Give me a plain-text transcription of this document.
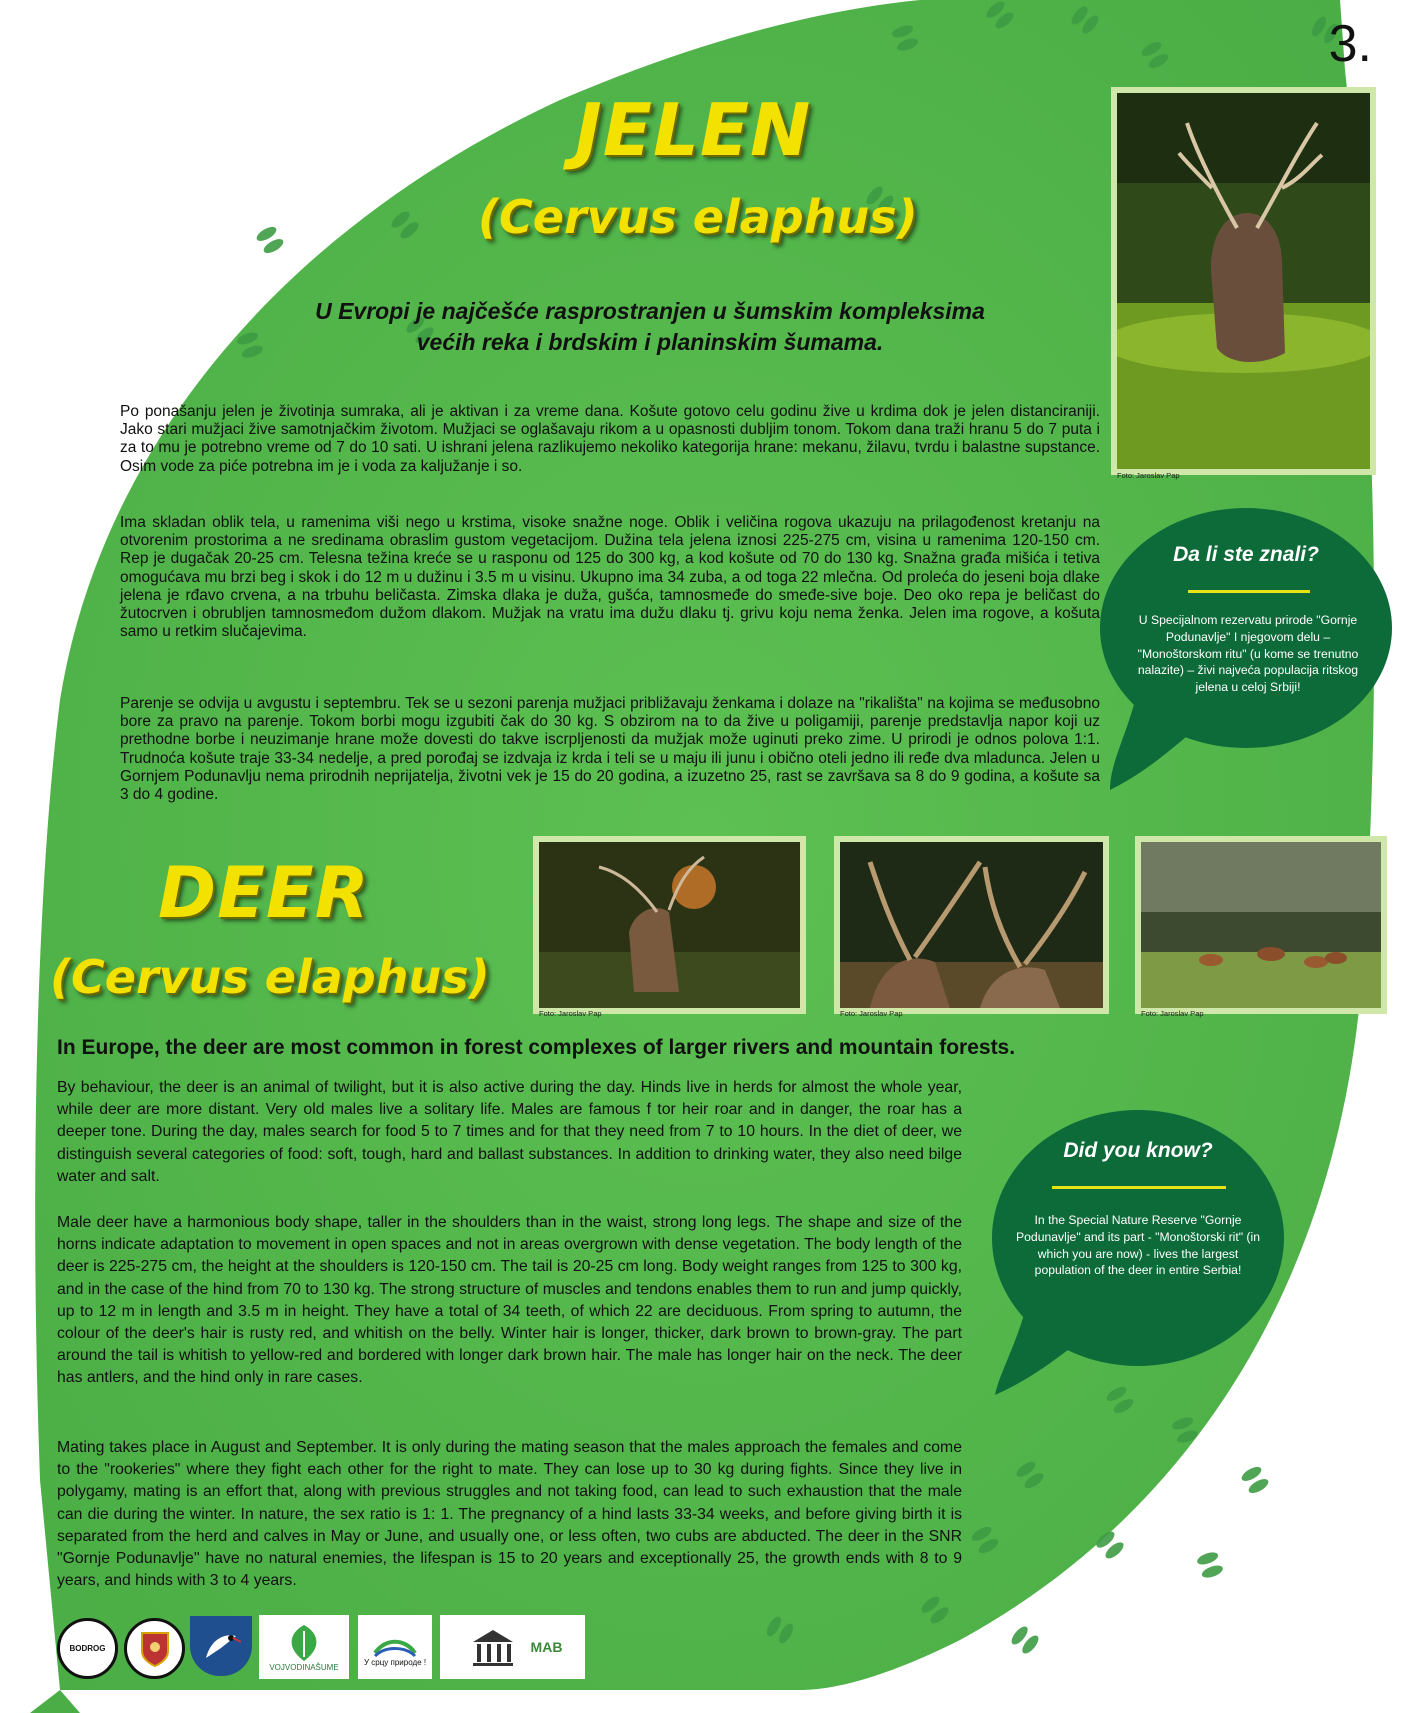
3.
JELEN
(Cervus elaphus)
U Evropi je najčešće rasprostranjen u šumskim kompleksima
većih reka i brdskim i planinskim šumama.

Po ponašanju jelen je životinja sumraka, ali je aktivan i za vreme dana. Košute gotovo celu godinu žive u krdima dok je jelen distanciraniji. Jako stari mužjaci žive samotnjačkim životom. Mužjaci se oglašavaju rikom a u opasnosti dubljim tonom. Tokom dana traži hranu 5 do 7 puta i za to mu je potrebno vreme od 7 do 10 sati. U ishrani jelena razlikujemo nekoliko kategorija hrane: mekanu, žilavu, tvrdu i balastne supstance. Osim vode za piće potrebna im je i voda za kaljužanje i so.

Ima skladan oblik tela, u ramenima viši nego u krstima, visoke snažne noge. Oblik i veličina rogova ukazuju na prilagođenost kretanju na otvorenim prostorima a ne sredinama obraslim gustom vegetacijom. Dužina tela jelena iznosi 225-275 cm, visina u ramenima 120-150 cm. Rep je dugačak 20-25 cm. Telesna težina kreće se u rasponu od 125 do 300 kg, a kod košute od 70 do 130 kg. Snažna građa mišića i tetiva omogućava mu brzi beg i skok i do 12 m u dužinu i 3.5 m u visinu. Ukupno ima 34 zuba, a od toga 22 mlečna. Od proleća do jeseni boja dlake jelena je rđavo crvena, a na trbuhu beličasta. Zimska dlaka je duža, gušća, tamnosmeđe do smeđe-sive boje. Deo oko repa je beličast do žutocrven i obrubljen tamnosmeđom dužom dlakom. Mužjak na vratu ima dužu dlaku tj. grivu koju nema ženka. Jelen ima rogove, a košuta samo u retkim slučajevima.

Parenje se odvija u avgustu i septembru. Tek se u sezoni parenja mužjaci približavaju ženkama i dolaze na "rikališta" na kojima se međusobno bore za pravo na parenje. Tokom borbi mogu izgubiti čak do 30 kg. S obzirom na to da žive u poligamiji, parenje predstavlja napor koji uz prethodne borbe i neuzimanje hrane može dovesti do takve iscrpljenosti da mužjak može uginuti preko zime. U prirodi je odnos polova 1:1. Trudnoća košute traje 33-34 nedelje, a pred porođaj se izdvaja iz krda i teli se u maju ili junu i obično oteli jedno ili ređe dva mladunca. Jelen u Gornjem Podunavlju nema prirodnih neprijatelja, životni vek je 15 do 20 godina, a izuzetno 25, rast se završava sa 8 do 9 godina, a košute sa 3 do 4 godine.

Foto: Jaroslav Pap
Da li ste znali?
U Specijalnom rezervatu prirode "Gornje Podunavlje" I njegovom delu – "Monoštorskom ritu" (u kome se trenutno nalazite) – živi najveća populacija ritskog jelena u celoj Srbiji!
DEER
(Cervus elaphus)
Foto: Jaroslav Pap	Foto: Jaroslav Pap	Foto: Jaroslav Pap
In Europe, the deer are most common in forest complexes of larger rivers and mountain forests.

By behaviour, the deer is an animal of twilight, but it is also active during the day. Hinds live in herds for almost the whole year, while deer are more distant. Very old males live a solitary life. Males are famous f tor heir roar and in danger, the roar has a deeper tone. During the day, males search for food 5 to 7 times and for that they need from 7 to 10 hours. In the diet of deer, we distinguish several categories of food: soft, tough, hard and ballast substances. In addition to drinking water, they also need bilge water and salt.

Male deer have a harmonious body shape, taller in the shoulders than in the waist, strong long legs. The shape and size of the horns indicate adaptation to movement in open spaces and not in areas overgrown with dense vegetation. The body length of the deer is 225-275 cm, the height at the shoulders is 120-150 cm. The tail is 20-25 cm long. Body weight ranges from 125 to 300 kg, and in the case of the hind from 70 to 130 kg. The strong structure of muscles and tendons enables them to run and jump quickly, up to 12 m in length and 3.5 m in height. They have a total of 34 teeth, of which 22 are deciduous. From spring to autumn, the colour of the deer's hair is rusty red, and whitish on the belly. Winter hair is longer, thicker, dark brown to brown-gray. The part around the tail is whitish to yellow-red and bordered with longer dark brown hair. The male has longer hair on the neck. The deer has antlers, and the hind only in rare cases.

Mating takes place in August and September. It is only during the mating season that the males approach the females and come to the "rookeries" where they fight each other for the right to mate. They can lose up to 30 kg during fights. Since they live in polygamy, mating is an effort that, along with previous struggles and not taking food, can lead to such exhaustion that the male can die during the winter. In nature, the sex ratio is 1: 1. The pregnancy of a hind lasts 33-34 weeks, and before giving birth it is separated from the herd and calves in May or June, and usually one, or less often, two cubs are abducted. The deer in the SNR "Gornje Podunavlje" have no natural enemies, the lifespan is 15 to 20 years and exceptionally 25, the growth ends with 8 to 9 years, and hinds with 3 to 4 years.

Did you know?
In the Special Nature Reserve "Gornje Podunavlje" and its part - "Monoštorski rit" (in which you are now) - lives the largest population of the deer in entire Serbia!
BODROG
VOJVODINAŠUME
У срцу природе !
MAB
